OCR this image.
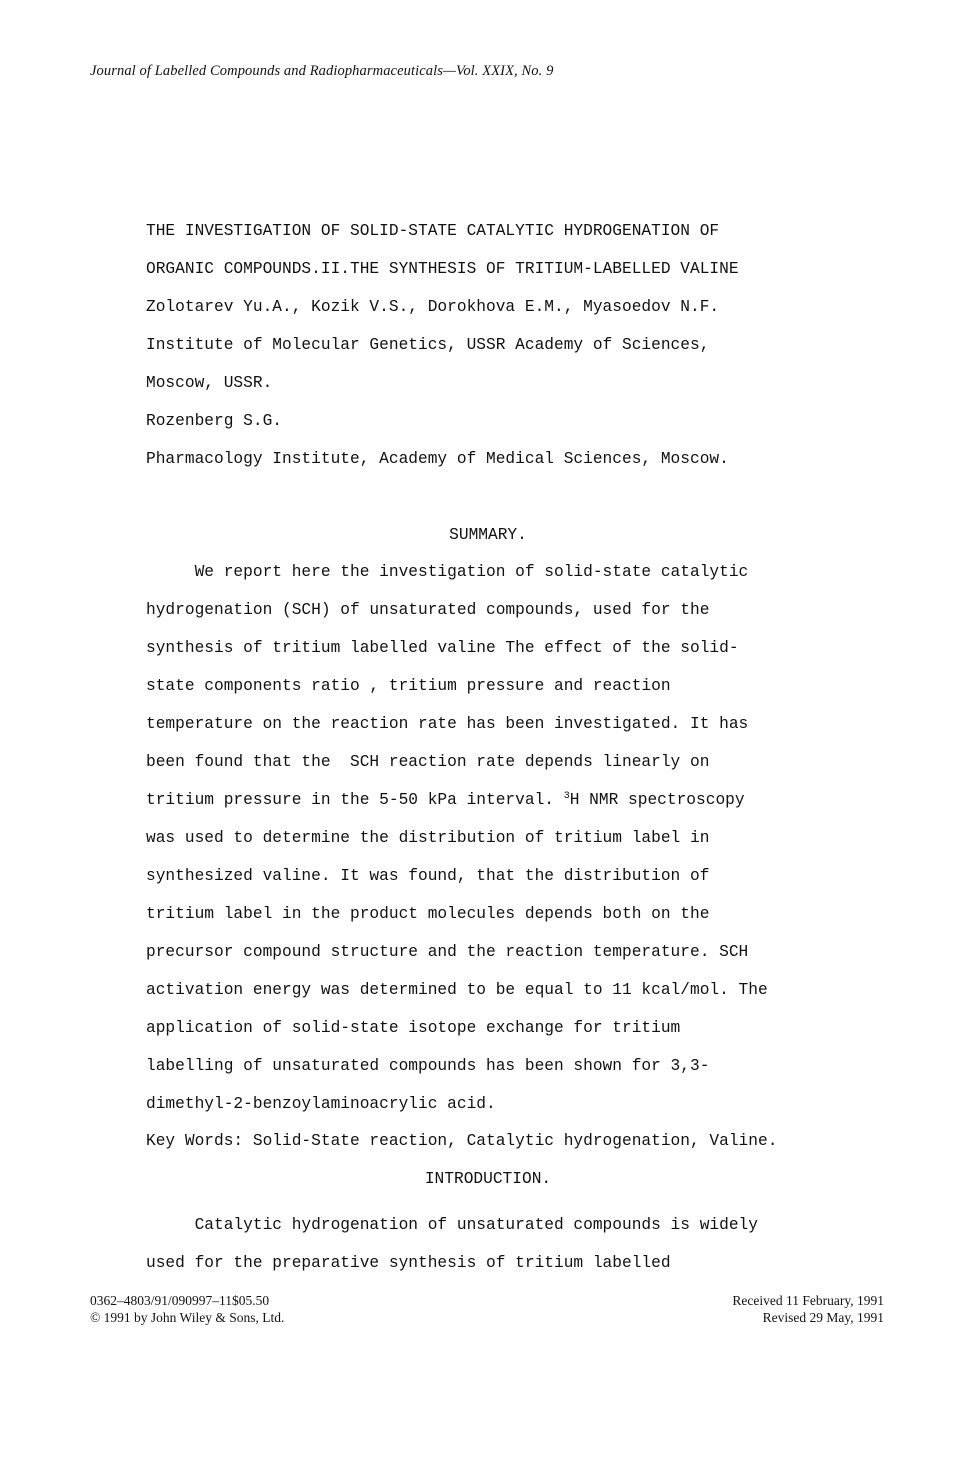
Journal of Labelled Compounds and Radiopharmaceuticals—Vol. XXIX, No. 9
THE INVESTIGATION OF SOLID-STATE CATALYTIC HYDROGENATION OF
ORGANIC COMPOUNDS.II.THE SYNTHESIS OF TRITIUM-LABELLED VALINE
Zolotarev Yu.A., Kozik V.S., Dorokhova E.M., Myasoedov N.F.
Institute of Molecular Genetics, USSR Academy of Sciences,
Moscow, USSR.
Rozenberg S.G.
Pharmacology Institute, Academy of Medical Sciences, Moscow.
SUMMARY.
We report here the investigation of solid-state catalytic
hydrogenation (SCH) of unsaturated compounds, used for the
synthesis of tritium labelled valine The effect of the solid-
state components ratio , tritium pressure and reaction
temperature on the reaction rate has been investigated. It has
been found that the  SCH reaction rate depends linearly on
tritium pressure in the 5-50 kPa interval. $^3$H NMR spectroscopy
was used to determine the distribution of tritium label in
synthesized valine. It was found, that the distribution of
tritium label in the product molecules depends both on the
precursor compound structure and the reaction temperature. SCH
activation energy was determined to be equal to 11 kcal/mol. The
application of solid-state isotope exchange for tritium
labelling of unsaturated compounds has been shown for 3,3-
dimethyl-2-benzoylaminoacrylic acid.
Key Words: Solid-State reaction, Catalytic hydrogenation, Valine.
INTRODUCTION.
Catalytic hydrogenation of unsaturated compounds is widely
used for the preparative synthesis of tritium labelled
0362–4803/91/090997–11$05.50
© 1991 by John Wiley & Sons, Ltd.
Received 11 February, 1991
Revised 29 May, 1991
